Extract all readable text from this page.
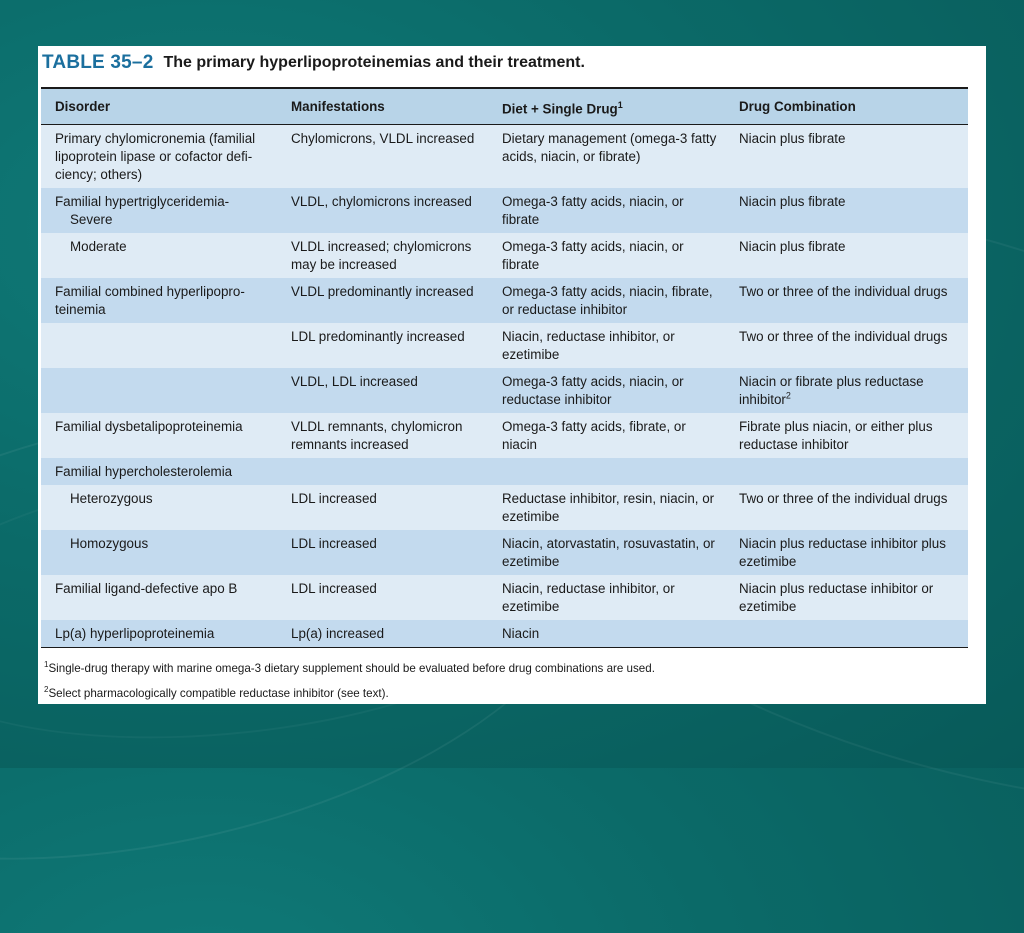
TABLE 35–2 The primary hyperlipoproteinemias and their treatment.
Disorder	Manifestations	Diet + Single Drug$^1$	Drug Combination
Primary chylomicronemia (familial lipoprotein lipase or cofactor deficiency; others)	Chylomicrons, VLDL increased	Dietary management (omega-3 fatty acids, niacin, or fibrate)	Niacin plus fibrate
Familial hypertriglyceridemia-
Severe	VLDL, chylomicrons increased	Omega-3 fatty acids, niacin, or fibrate	Niacin plus fibrate
Moderate	VLDL increased; chylomicrons may be increased	Omega-3 fatty acids, niacin, or fibrate	Niacin plus fibrate
Familial combined hyperlipoproteinemia	VLDL predominantly increased	Omega-3 fatty acids, niacin, fibrate, or reductase inhibitor	Two or three of the individual drugs
	LDL predominantly increased	Niacin, reductase inhibitor, or ezetimibe	Two or three of the individual drugs
	VLDL, LDL increased	Omega-3 fatty acids, niacin, or reductase inhibitor	Niacin or fibrate plus reductase inhibitor$^2$
Familial dysbetalipoproteinemia	VLDL remnants, chylomicron remnants increased	Omega-3 fatty acids, fibrate, or niacin	Fibrate plus niacin, or either plus reductase inhibitor
Familial hypercholesterolemia			
Heterozygous	LDL increased	Reductase inhibitor, resin, niacin, or ezetimibe	Two or three of the individual drugs
Homozygous	LDL increased	Niacin, atorvastatin, rosuvastatin, or ezetimibe	Niacin plus reductase inhibitor plus ezetimibe
Familial ligand-defective apo B	LDL increased	Niacin, reductase inhibitor, or ezetimibe	Niacin plus reductase inhibitor or ezetimibe
Lp(a) hyperlipoproteinemia	Lp(a) increased	Niacin	
$^1$Single-drug therapy with marine omega-3 dietary supplement should be evaluated before drug combinations are used.
$^2$Select pharmacologically compatible reductase inhibitor (see text).
